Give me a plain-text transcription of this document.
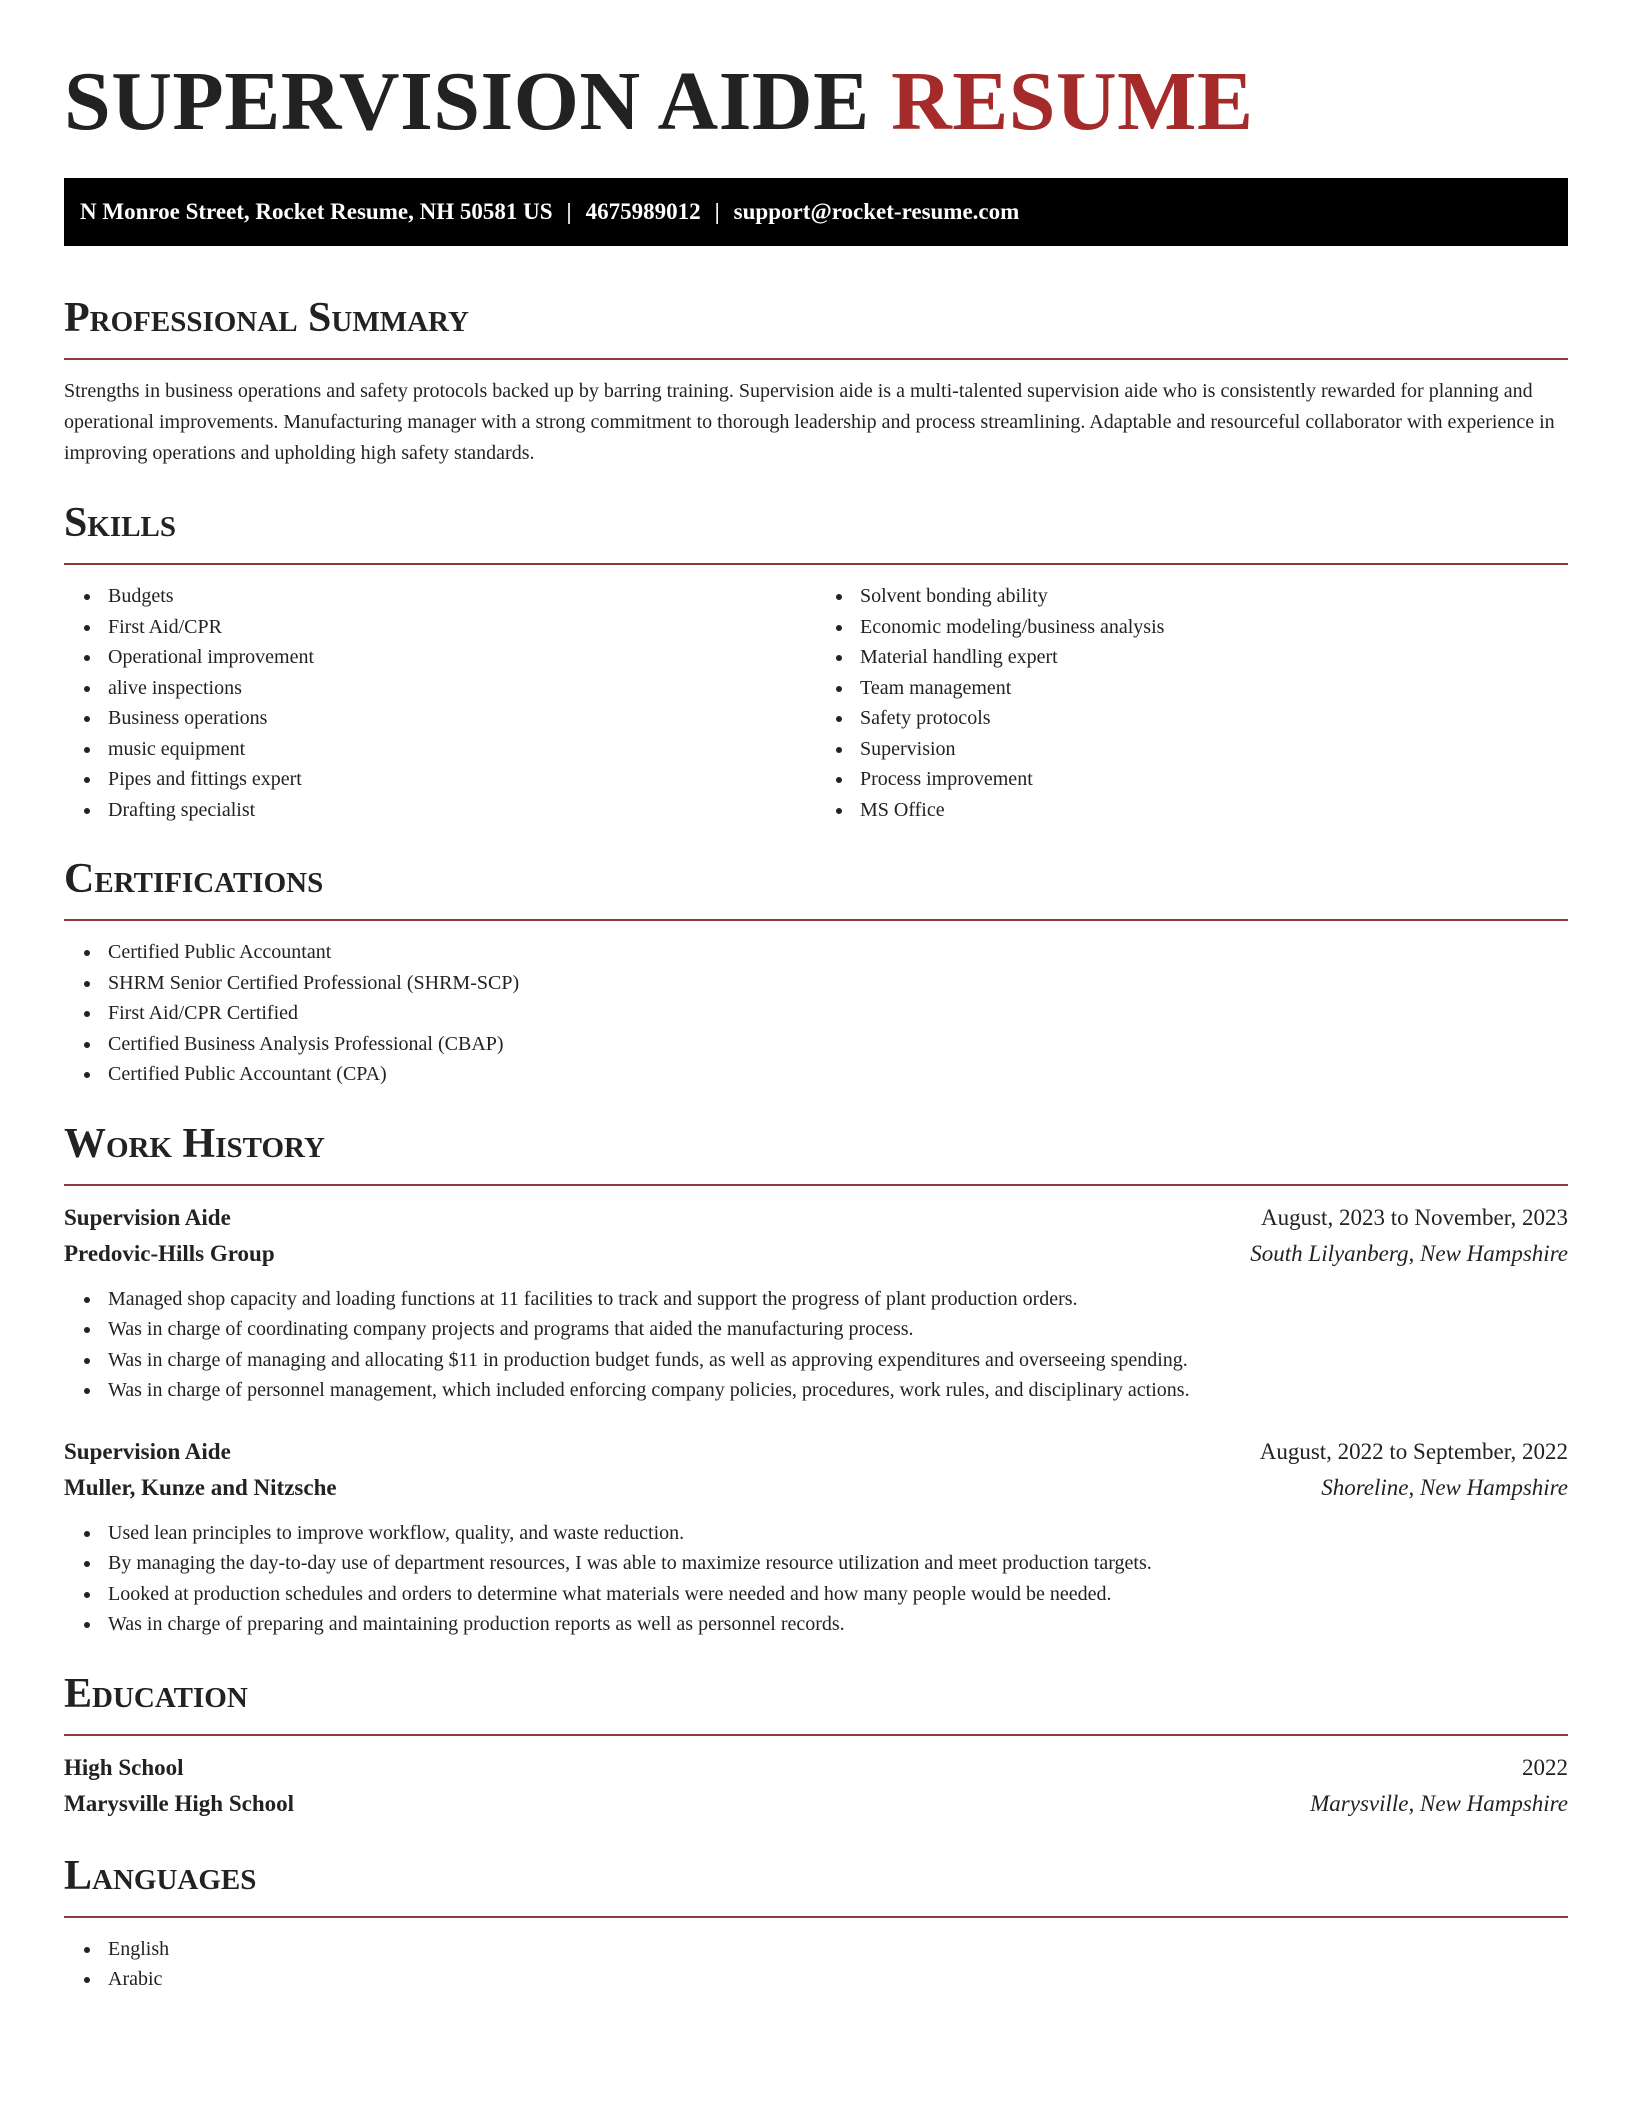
SUPERVISION AIDE RESUME
N Monroe Street, Rocket Resume, NH 50581 US | 4675989012 | support@rocket-resume.com
Professional Summary

Strengths in business operations and safety protocols backed up by barring training. Supervision aide is a multi-talented supervision aide who is consistently rewarded for planning and operational improvements. Manufacturing manager with a strong commitment to thorough leadership and process streamlining. Adaptable and resourceful collaborator with experience in improving operations and upholding high safety standards.

Skills
Budgets
First Aid/CPR
Operational improvement
alive inspections
Business operations
music equipment
Pipes and fittings expert
Drafting specialist
Solvent bonding ability
Economic modeling/business analysis
Material handling expert
Team management
Safety protocols
Supervision
Process improvement
MS Office
Certifications
Certified Public Accountant
SHRM Senior Certified Professional (SHRM-SCP)
First Aid/CPR Certified
Certified Business Analysis Professional (CBAP)
Certified Public Accountant (CPA)
Work History
Supervision Aide	August, 2023 to November, 2023
Predovic-Hills Group	South Lilyanberg, New Hampshire
Managed shop capacity and loading functions at 11 facilities to track and support the progress of plant production orders.
Was in charge of coordinating company projects and programs that aided the manufacturing process.
Was in charge of managing and allocating $11 in production budget funds, as well as approving expenditures and overseeing spending.
Was in charge of personnel management, which included enforcing company policies, procedures, work rules, and disciplinary actions.
Supervision Aide	August, 2022 to September, 2022
Muller, Kunze and Nitzsche	Shoreline, New Hampshire
Used lean principles to improve workflow, quality, and waste reduction.
By managing the day-to-day use of department resources, I was able to maximize resource utilization and meet production targets.
Looked at production schedules and orders to determine what materials were needed and how many people would be needed.
Was in charge of preparing and maintaining production reports as well as personnel records.
Education
High School	2022
Marysville High School	Marysville, New Hampshire
Languages
English
Arabic
